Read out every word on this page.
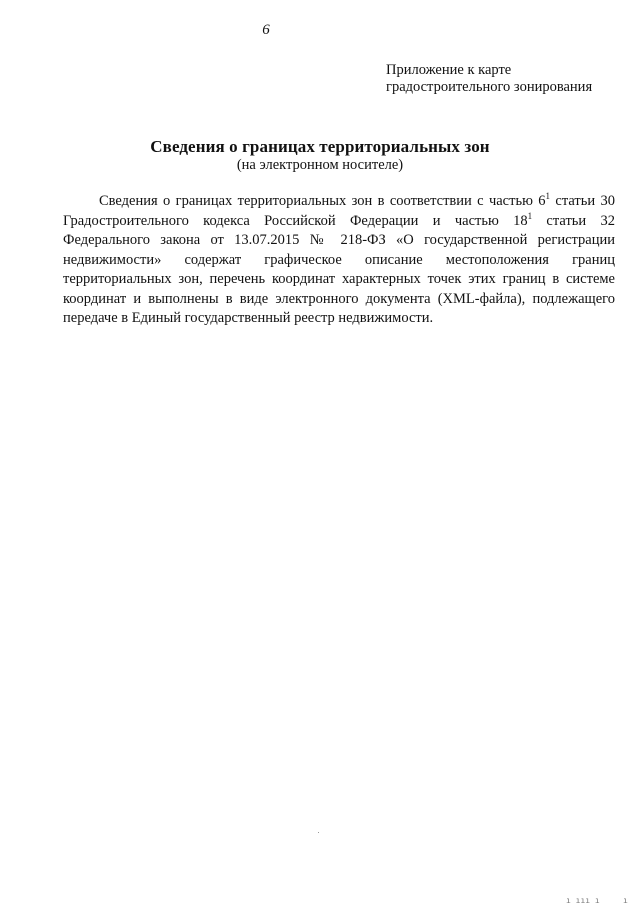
6
Приложение к карте
градостроительного зонирования
Сведения о границах территориальных зон
(на электронном носителе)

Сведения о границах территориальных зон в соответствии с частью $6^1$ статьи 30 Градостроительного кодекса Российской Федерации и частью $18^1$ статьи 32 Федерального закона от 13.07.2015 № 218-ФЗ «О государственной регистрации недвижимости» содержат графическое описание местоположения границ территориальных зон, перечень координат характерных точек этих границ в системе координат и выполнены в виде электронного документа (XML-файла), подлежащего передаче в Единый государственный реестр недвижимости.

ı ııı ı	ı
